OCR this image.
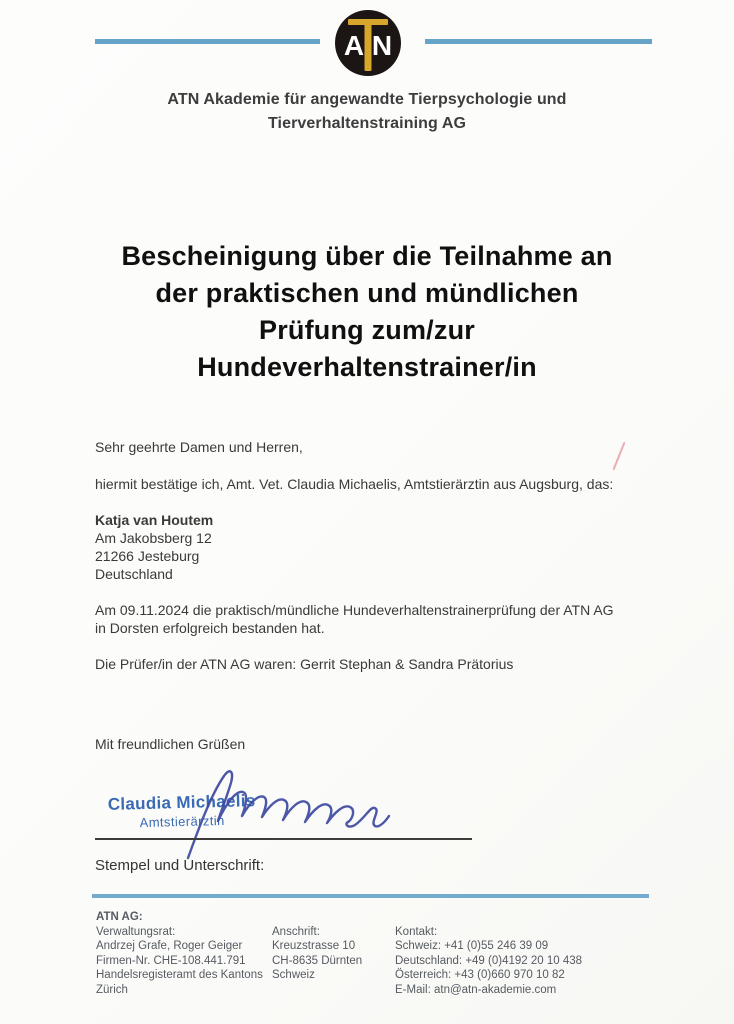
A N
ATN Akademie für angewandte Tierpsychologie und
Tierverhaltenstraining AG
Bescheinigung über die Teilnahme an
der praktischen und mündlichen
Prüfung zum/zur
Hundeverhaltenstrainer/in
Sehr geehrte Damen und Herren,
hiermit bestätige ich, Amt. Vet. Claudia Michaelis, Amtstierärztin aus Augsburg, das:
Katja van Houtem
Am Jakobsberg 12
21266 Jesteburg
Deutschland
Am 09.11.2024 die praktisch/mündliche Hundeverhaltenstrainerprüfung der ATN AG
in Dorsten erfolgreich bestanden hat.
Die Prüfer/in der ATN AG waren: Gerrit Stephan & Sandra Prätorius
Mit freundlichen Grüßen
Claudia Michaelis
Amtstierärztin
Stempel und Unterschrift:
ATN AG:
Verwaltungsrat:
Andrzej Grafe, Roger Geiger
Firmen-Nr. CHE-108.441.791
Handelsregisteramt des Kantons
Zürich
Anschrift:
Kreuzstrasse 10
CH-8635 Dürnten
Schweiz
Kontakt:
Schweiz: +41 (0)55 246 39 09
Deutschland: +49 (0)4192 20 10 438
Österreich: +43 (0)660 970 10 82
E-Mail: atn@atn-akademie.com
